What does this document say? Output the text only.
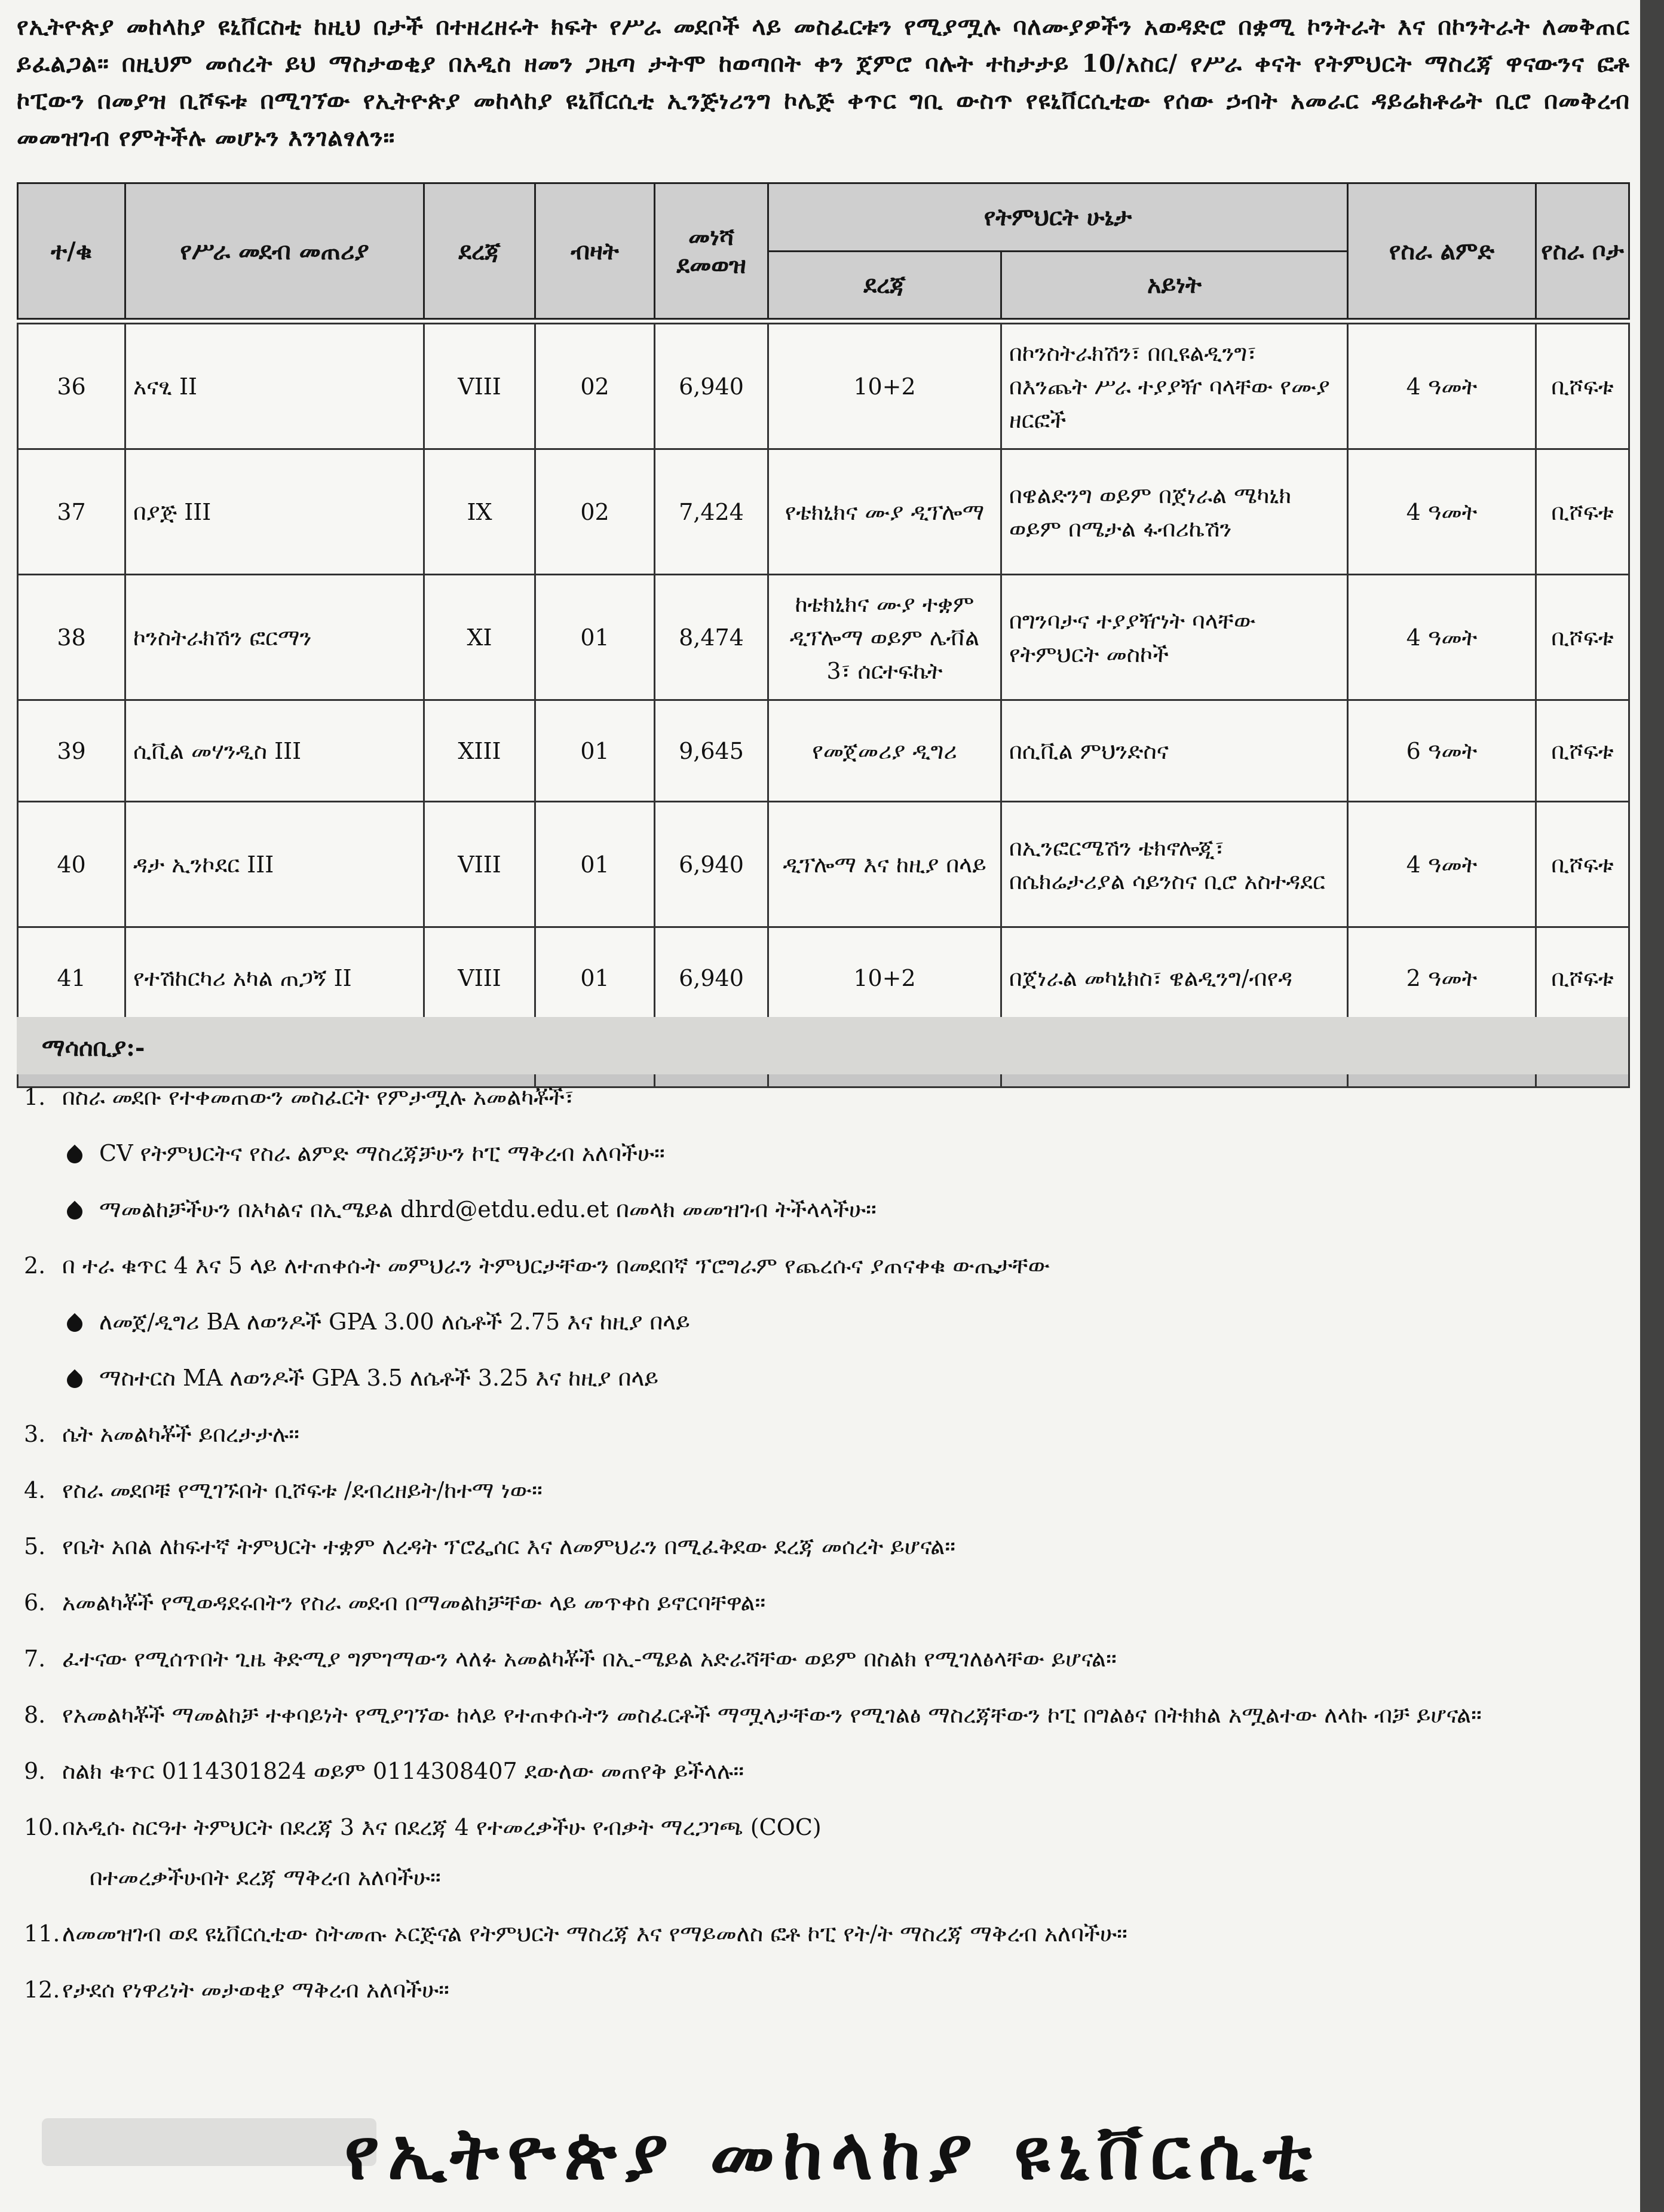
የኢትዮጵያ መከላከያ ዩኒቨርስቲ ከዚህ በታች በተዘረዘሩት ክፍት የሥራ መደቦች ላይ መስፈርቱን የሚያሟሉ ባለሙያዎችን አወዳድሮ በቋሚ ኮንትራት እና በኮንትራት ለመቅጠር ይፈልጋል። በዚህም መሰረት ይህ ማስታወቂያ በአዲስ ዘመን ጋዜጣ ታትሞ ከወጣበት ቀን ጀምሮ ባሉት ተከታታይ 10/አስር/ የሥራ ቀናት የትምህርት ማስረጃ ዋናውንና ፎቶ ኮፒውን በመያዝ ቢሾፍቱ በሚገኘው የኢትዮጵያ መከላከያ ዩኒቨርሲቲ ኢንጅነሪንግ ኮሌጅ ቀጥር ግቢ ውስጥ የዩኒቨርሲቲው የሰው ኃብት አመራር ዳይሬክቶሬት ቢሮ በመቅረብ መመዝገብ የምትችሉ መሆኑን እንገልፃለን።
ተ/ቁ	የሥራ መደብ መጠሪያ	ደረጃ	ብዛት	መነሻ ደመወዝ	የትምህርት ሁኔታ		የስራ ልምድ	የስራ ቦታ
					ደረጃ	አይነት		
36	አናፂ II	VIII	02	6,940	10+2	በኮንስትራክሽን፣ በቢዩልዲንግ፣ በእንጨት ሥራ ተያያዥ ባላቸው የሙያ ዘርፎች	4 ዓመት	ቢሾፍቱ
37	በያጅ III	IX	02	7,424	የቴክኒክና ሙያ ዲፕሎማ	በዌልድንግ ወይም በጀነራል ሜካኒክ ወይም በሜታል ፋብሪኬሽን	4 ዓመት	ቢሾፍቱ
38	ኮንስትራክሽን ፎርማን	XI	01	8,474	ከቴክኒክና ሙያ ተቋም ዲፕሎማ ወይም ሌቭል 3፣ ሰርተፍኬት	በግንባታና ተያያዥነት ባላቸው የትምህርት መስኮች	4 ዓመት	ቢሾፍቱ
39	ሲቪል መሃንዲስ III	XIII	01	9,645	የመጀመሪያ ዲግሪ	በሲቪል ምህንድስና	6 ዓመት	ቢሾፍቱ
40	ዳታ ኢንኮደር III	VIII	01	6,940	ዲፕሎማ እና ከዚያ በላይ	በኢንፎርሜሽን ቴክኖሎጂ፣ በሴክሬታሪያል ሳይንስና ቢሮ አስተዳደር	4 ዓመት	ቢሾፍቱ
41	የተሽከርካሪ አካል ጠጋኝ II	VIII	01	6,940	10+2	በጀነራል መካኒክስ፣ ዌልዲንግ/ብየዳ	2 ዓመት	ቢሾፍቱ

ማሳሰቢያ:-
1. በስራ መደቡ የተቀመጠውን መስፈርት የምታሟሉ አመልካቾች፣
CV የትምህርትና የስራ ልምድ ማስረጃቻሁን ኮፒ ማቅረብ አለባችሁ።
ማመልከቻችሁን በአካልና በኢሜይል dhrd@etdu.edu.et በመላክ መመዝገብ ትችላላችሁ።
2. በ ተራ ቁጥር 4 እና 5 ላይ ለተጠቀሱት መምህራን ትምህርታቸውን በመደበኛ ፕሮግራም የጨረሱና ያጠናቀቁ ውጤታቸው
ለመጀ/ዲግሪ BA ለወንዶች GPA 3.00 ለሴቶች 2.75 እና ከዚያ በላይ
ማስተርስ MA ለወንዶች GPA 3.5 ለሴቶች 3.25 እና ከዚያ በላይ
3. ሴት አመልካቾች ይበረታታሉ።
4. የስራ መደቦቹ የሚገኙበት ቢሾፍቱ /ደብረዘይት/ከተማ ነው።
5. የቤት አበል ለከፍተኛ ትምህርት ተቋም ለረዳት ፕሮፌሰር እና ለመምህራን በሚፈቅደው ደረጃ መሰረት ይሆናል።
6. አመልካቾች የሚወዳደሩበትን የስራ መደብ በማመልከቻቸው ላይ መጥቀስ ይኖርባቸዋል።
7. ፈተናው የሚሰጥበት ጊዜ ቅድሚያ ግምገማውን ላለፉ አመልካቾች በኢ-ሜይል አድራሻቸው ወይም በስልክ የሚገለፅላቸው ይሆናል።
8. የአመልካቾች ማመልከቻ ተቀባይነት የሚያገኘው ከላይ የተጠቀሱትን መስፈርቶች ማሟላታቸውን የሚገልፅ ማስረጃቸውን ኮፒ በግልፅና በትክክል አሟልተው ለላኩ ብቻ ይሆናል።
9. ስልክ ቁጥር 0114301824 ወይም 0114308407 ደውለው መጠየቅ ይችላሉ።
10.በአዲሱ ስርዓተ ትምህርት በደረጃ 3 እና በደረጃ 4 የተመረቃችሁ የብቃት ማረጋገጫ (COC)
በተመረቃችሁበት ደረጃ ማቅረብ አለባችሁ።
11.ለመመዝገብ ወደ ዩኒቨርሲቲው ስትመጡ ኦርጅናል የትምህርት ማስረጃ እና የማይመለስ ፎቶ ኮፒ የት/ት ማስረጃ ማቅረብ አለባችሁ።
12.የታደሰ የነዋሪነት መታወቂያ ማቅረብ አለባችሁ።
የኢትዮጵያ መከላከያ ዩኒቨርሲቲ
